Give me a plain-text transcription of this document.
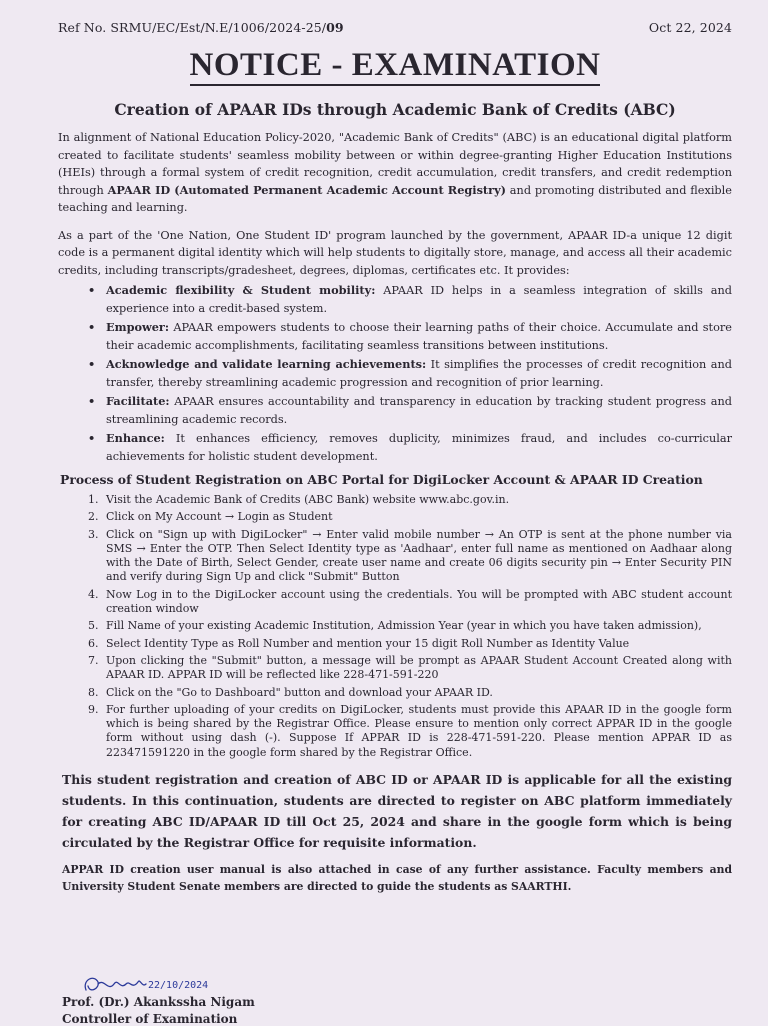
Ref No. SRMU/EC/Est/N.E/1006/2024-25/09	Oct 22, 2024
NOTICE - EXAMINATION
Creation of APAAR IDs through Academic Bank of Credits (ABC)

In alignment of National Education Policy-2020, "Academic Bank of Credits" (ABC) is an educational digital platform created to facilitate students' seamless mobility between or within degree-granting Higher Education Institutions (HEIs) through a formal system of credit recognition, credit accumulation, credit transfers, and credit redemption through APAAR ID (Automated Permanent Academic Account Registry) and promoting distributed and flexible teaching and learning.

As a part of the 'One Nation, One Student ID' program launched by the government, APAAR ID-a unique 12 digit code is a permanent digital identity which will help students to digitally store, manage, and access all their academic credits, including transcripts/gradesheet, degrees, diplomas, certificates etc. It provides:

• Academic flexibility & Student mobility: APAAR ID helps in a seamless integration of skills and experience into a credit-based system.
• Empower: APAAR empowers students to choose their learning paths of their choice. Accumulate and store their academic accomplishments, facilitating seamless transitions between institutions.
• Acknowledge and validate learning achievements: It simplifies the processes of credit recognition and transfer, thereby streamlining academic progression and recognition of prior learning.
• Facilitate: APAAR ensures accountability and transparency in education by tracking student progress and streamlining academic records.
• Enhance: It enhances efficiency, removes duplicity, minimizes fraud, and includes co-curricular achievements for holistic student development.
Process of Student Registration on ABC Portal for DigiLocker Account & APAAR ID Creation
1. Visit the Academic Bank of Credits (ABC Bank) website www.abc.gov.in.
2. Click on My Account → Login as Student
3. Click on "Sign up with DigiLocker" → Enter valid mobile number → An OTP is sent at the phone number via SMS → Enter the OTP. Then Select Identity type as 'Aadhaar', enter full name as mentioned on Aadhaar along with the Date of Birth, Select Gender, create user name and create 06 digits security pin → Enter Security PIN and verify during Sign Up and click "Submit" Button
4. Now Log in to the DigiLocker account using the credentials. You will be prompted with ABC student account creation window
5. Fill Name of your existing Academic Institution, Admission Year (year in which you have taken admission),
6. Select Identity Type as Roll Number and mention your 15 digit Roll Number as Identity Value
7. Upon clicking the "Submit" button, a message will be prompt as APAAR Student Account Created along with APAAR ID. APPAR ID will be reflected like 228-471-591-220
8. Click on the "Go to Dashboard" button and download your APAAR ID.
9. For further uploading of your credits on DigiLocker, students must provide this APAAR ID in the google form which is being shared by the Registrar Office. Please ensure to mention only correct APPAR ID in the google form without using dash (-). Suppose If APPAR ID is 228-471-591-220. Please mention APPAR ID as 223471591220 in the google form shared by the Registrar Office.
This student registration and creation of ABC ID or APAAR ID is applicable for all the existing students. In this continuation, students are directed to register on ABC platform immediately for creating ABC ID/APAAR ID till Oct 25, 2024 and share in the google form which is being circulated by the Registrar Office for requisite information.
APPAR ID creation user manual is also attached in case of any further assistance. Faculty members and University Student Senate members are directed to guide the students as SAARTHI.
22/10/2024
Prof. (Dr.) Akankssha Nigam
Controller of Examination
